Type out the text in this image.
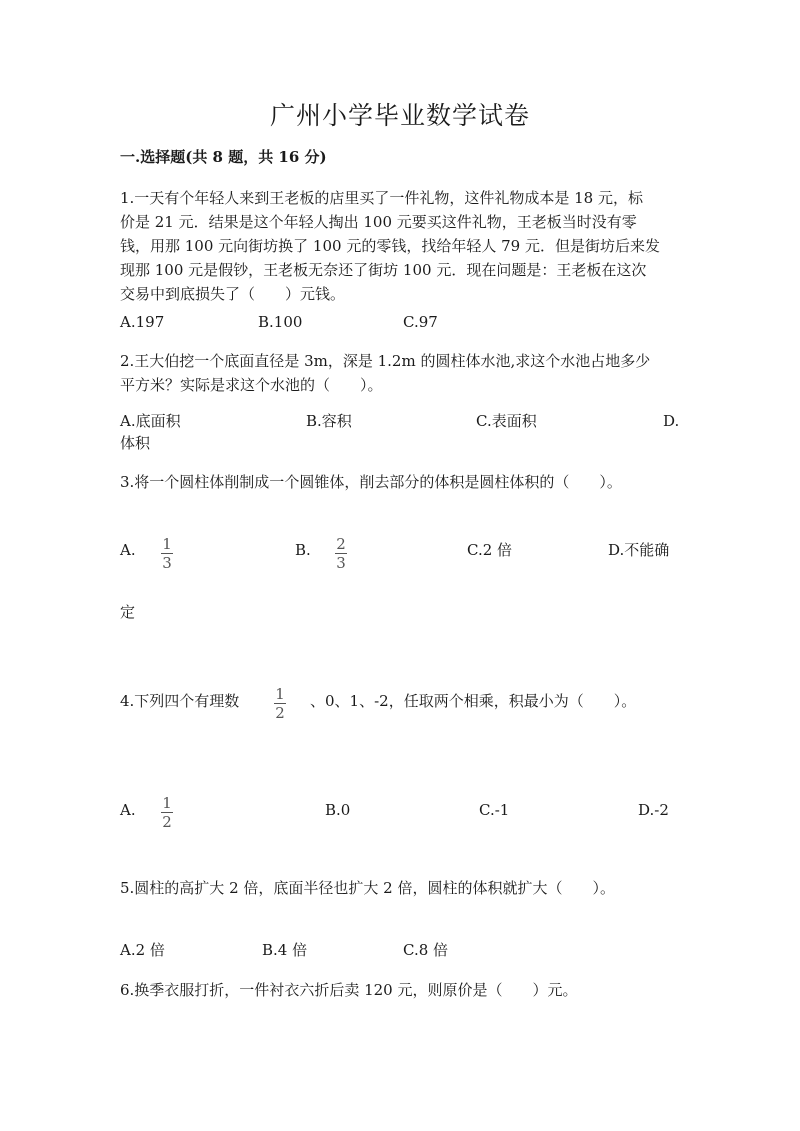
广州小学毕业数学试卷
一.选择题(共 8 题，共 16 分)
1.一天有个年轻人来到王老板的店里买了一件礼物，这件礼物成本是 18 元，标
价是 21 元．结果是这个年轻人掏出 100 元要买这件礼物，王老板当时没有零
钱，用那 100 元向街坊换了 100 元的零钱，找给年轻人 79 元．但是街坊后来发
现那 100 元是假钞，王老板无奈还了街坊 100 元．现在问题是：王老板在这次
交易中到底损失了（　　）元钱。
A.197	B.100	C.97
2.王大伯挖一个底面直径是 3m，深是 1.2m 的圆柱体水池,求这个水池占地多少
平方米？实际是求这个水池的（　　）。
A.底面积	B.容积	C.表面积	D.
体积
3.将一个圆柱体削制成一个圆锥体，削去部分的体积是圆柱体积的（　　）。
A. 1
3
B. 2
3
C.2 倍	D.不能确
定
4.下列四个有理数 1
2
、0、1、-2，任取两个相乘，积最小为（　　）。
A. 1
2
B.0	C.-1	D.-2
5.圆柱的高扩大 2 倍，底面半径也扩大 2 倍，圆柱的体积就扩大（　　）。
A.2 倍	B.4 倍	C.8 倍
6.换季衣服打折，一件衬衣六折后卖 120 元，则原价是（　　）元。
